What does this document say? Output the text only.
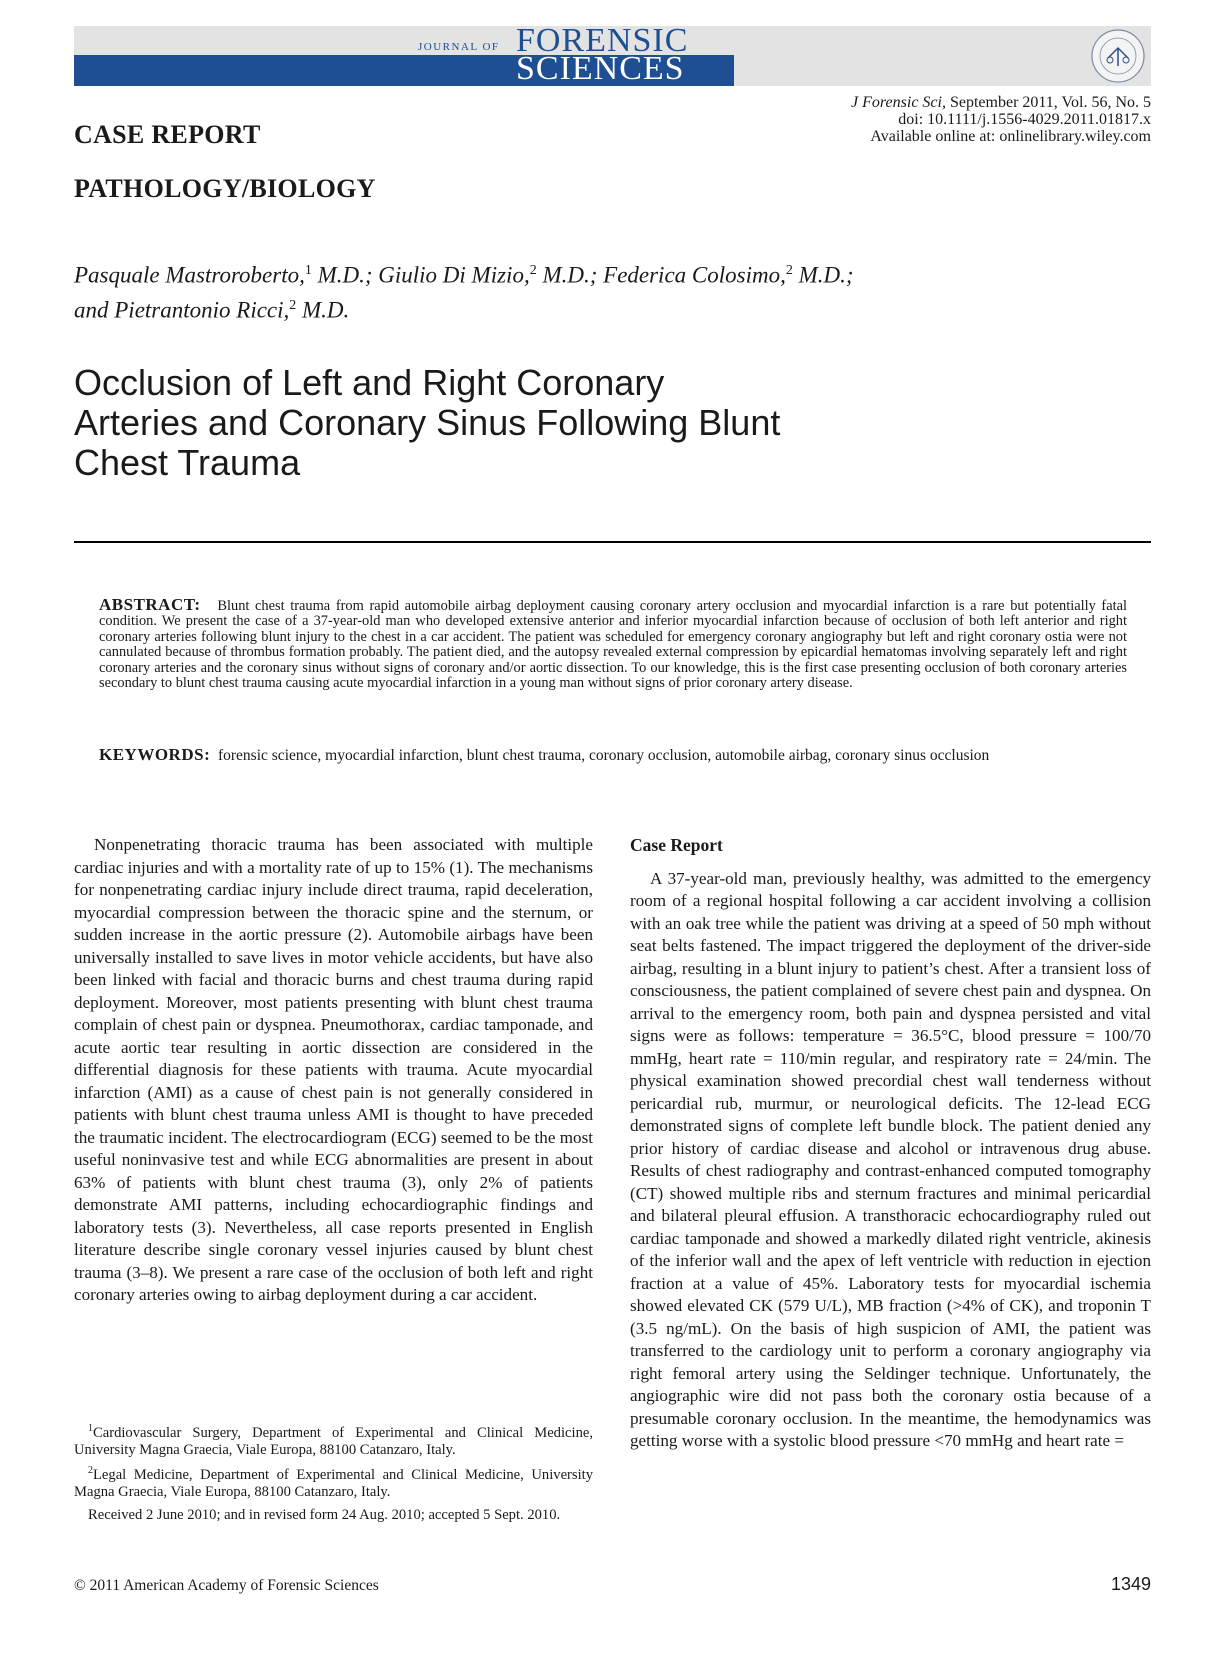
JOURNAL OF FORENSIC
SCIENCES
J Forensic Sci, September 2011, Vol. 56, No. 5
doi: 10.1111/j.1556-4029.2011.01817.x
Available online at: onlinelibrary.wiley.com
CASE REPORT
PATHOLOGY/BIOLOGY
Pasquale Mastroroberto,$^1$ M.D.; Giulio Di Mizio,$^2$ M.D.; Federica Colosimo,$^2$ M.D.;
and Pietrantonio Ricci,$^2$ M.D.
Occlusion of Left and Right Coronary
Arteries and Coronary Sinus Following Blunt
Chest Trauma
ABSTRACT: Blunt chest trauma from rapid automobile airbag deployment causing coronary artery occlusion and myocardial infarction is a rare but potentially fatal condition. We present the case of a 37-year-old man who developed extensive anterior and inferior myocardial infarction because of occlusion of both left anterior and right coronary arteries following blunt injury to the chest in a car accident. The patient was scheduled for emergency coronary angiography but left and right coronary ostia were not cannulated because of thrombus formation probably. The patient died, and the autopsy revealed external compression by epicardial hematomas involving separately left and right coronary arteries and the coronary sinus without signs of coronary and/or aortic dissection. To our knowledge, this is the first case presenting occlusion of both coronary arteries secondary to blunt chest trauma causing acute myocardial infarction in a young man without signs of prior coronary artery disease.
KEYWORDS: forensic science, myocardial infarction, blunt chest trauma, coronary occlusion, automobile airbag, coronary sinus occlusion

Nonpenetrating thoracic trauma has been associated with multiple cardiac injuries and with a mortality rate of up to 15% (1). The mechanisms for nonpenetrating cardiac injury include direct trauma, rapid deceleration, myocardial compression between the thoracic spine and the sternum, or sudden increase in the aortic pressure (2). Automobile airbags have been universally installed to save lives in motor vehicle accidents, but have also been linked with facial and thoracic burns and chest trauma during rapid deployment. Moreover, most patients presenting with blunt chest trauma complain of chest pain or dyspnea. Pneumothorax, cardiac tamponade, and acute aortic tear resulting in aortic dissection are considered in the differential diagnosis for these patients with trauma. Acute myocardial infarction (AMI) as a cause of chest pain is not generally considered in patients with blunt chest trauma unless AMI is thought to have preceded the traumatic incident. The electrocardiogram (ECG) seemed to be the most useful noninvasive test and while ECG abnormalities are present in about 63% of patients with blunt chest trauma (3), only 2% of patients demonstrate AMI patterns, including echocardiographic findings and laboratory tests (3). Nevertheless, all case reports presented in English literature describe single coronary vessel injuries caused by blunt chest trauma (3–8). We present a rare case of the occlusion of both left and right coronary arteries owing to airbag deployment during a car accident.

$^1$Cardiovascular Surgery, Department of Experimental and Clinical Medicine, University Magna Graecia, Viale Europa, 88100 Catanzaro, Italy.

$^2$Legal Medicine, Department of Experimental and Clinical Medicine, University Magna Graecia, Viale Europa, 88100 Catanzaro, Italy.

Received 2 June 2010; and in revised form 24 Aug. 2010; accepted 5 Sept. 2010.

Case Report

A 37-year-old man, previously healthy, was admitted to the emergency room of a regional hospital following a car accident involving a collision with an oak tree while the patient was driving at a speed of 50 mph without seat belts fastened. The impact triggered the deployment of the driver-side airbag, resulting in a blunt injury to patient’s chest. After a transient loss of consciousness, the patient complained of severe chest pain and dyspnea. On arrival to the emergency room, both pain and dyspnea persisted and vital signs were as follows: temperature = 36.5°C, blood pressure = 100/70 mmHg, heart rate = 110/min regular, and respiratory rate = 24/min. The physical examination showed precordial chest wall tenderness without pericardial rub, murmur, or neurological deficits. The 12-lead ECG demonstrated signs of complete left bundle block. The patient denied any prior history of cardiac disease and alcohol or intravenous drug abuse. Results of chest radiography and contrast-enhanced computed tomography (CT) showed multiple ribs and sternum fractures and minimal pericardial and bilateral pleural effusion. A transthoracic echocardiography ruled out cardiac tamponade and showed a markedly dilated right ventricle, akinesis of the inferior wall and the apex of left ventricle with reduction in ejection fraction at a value of 45%. Laboratory tests for myocardial ischemia showed elevated CK (579 U/L), MB fraction (>4% of CK), and troponin T (3.5 ng/mL). On the basis of high suspicion of AMI, the patient was transferred to the cardiology unit to perform a coronary angiography via right femoral artery using the Seldinger technique. Unfortunately, the angiographic wire did not pass both the coronary ostia because of a presumable coronary occlusion. In the meantime, the hemodynamics was getting worse with a systolic blood pressure <70 mmHg and heart rate =

© 2011 American Academy of Forensic Sciences	1349
